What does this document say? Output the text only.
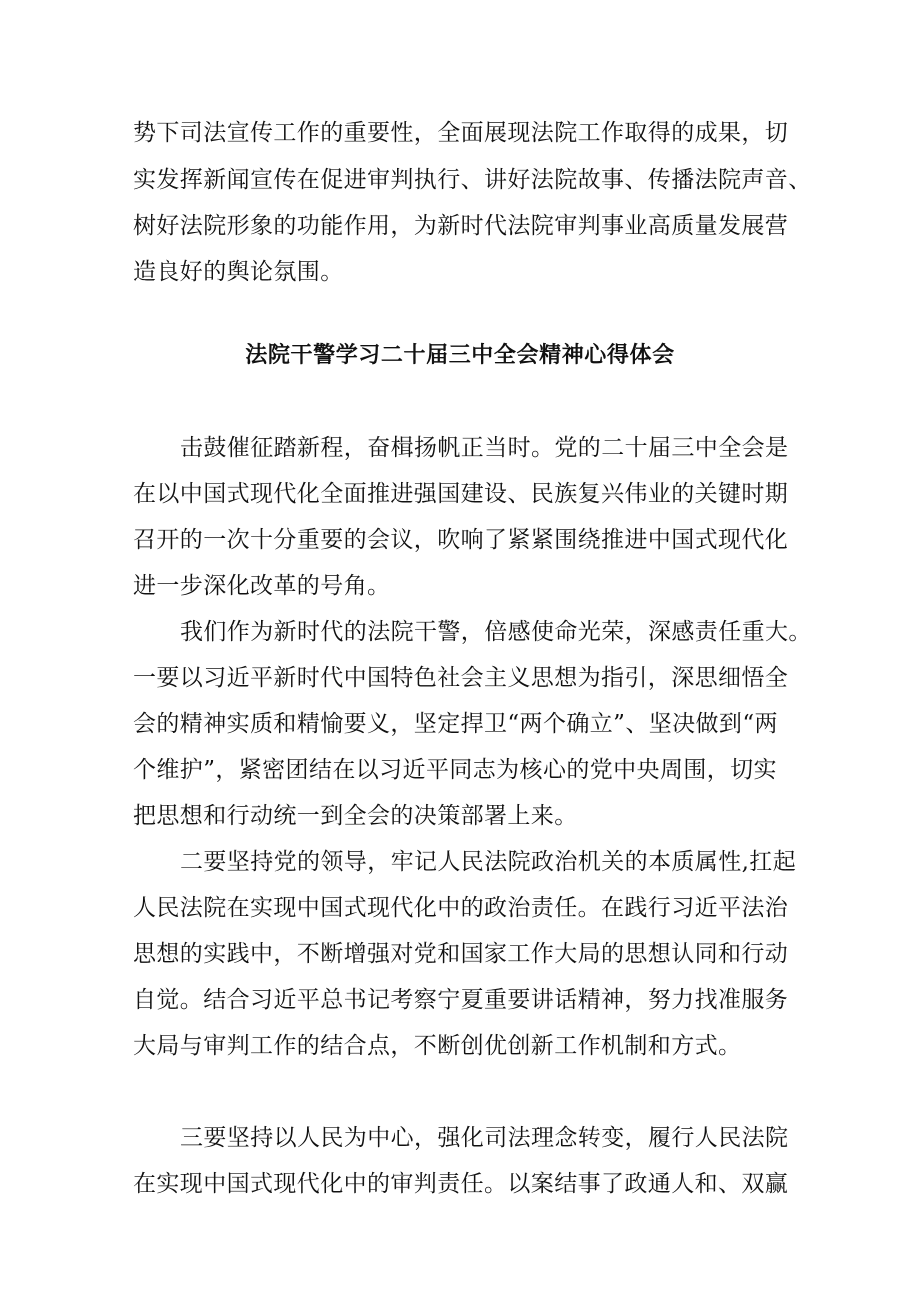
势下司法宣传工作的重要性，全面展现法院工作取得的成果，切
实发挥新闻宣传在促进审判执行、讲好法院故事、传播法院声音、
树好法院形象的功能作用，为新时代法院审判事业高质量发展营
造良好的舆论氛围。
法院干警学习二十届三中全会精神心得体会
击鼓催征踏新程，奋楫扬帆正当时。党的二十届三中全会是
在以中国式现代化全面推进强国建设、民族复兴伟业的关键时期
召开的一次十分重要的会议，吹响了紧紧围绕推进中国式现代化
进一步深化改革的号角。
我们作为新时代的法院干警，倍感使命光荣，深感责任重大。
一要以习近平新时代中国特色社会主义思想为指引，深思细悟全
会的精神实质和精愉要义，坚定捍卫“两个确立”、坚决做到“两
个维护”，紧密团结在以习近平同志为核心的党中央周围，切实
把思想和行动统一到全会的决策部署上来。
二要坚持党的领导，牢记人民法院政治机关的本质属性,扛起
人民法院在实现中国式现代化中的政治责任。在践行习近平法治
思想的实践中，不断增强对党和国家工作大局的思想认同和行动
自觉。结合习近平总书记考察宁夏重要讲话精神，努力找准服务
大局与审判工作的结合点，不断创优创新工作机制和方式。
三要坚持以人民为中心，强化司法理念转变，履行人民法院
在实现中国式现代化中的审判责任。以案结事了政通人和、双赢
